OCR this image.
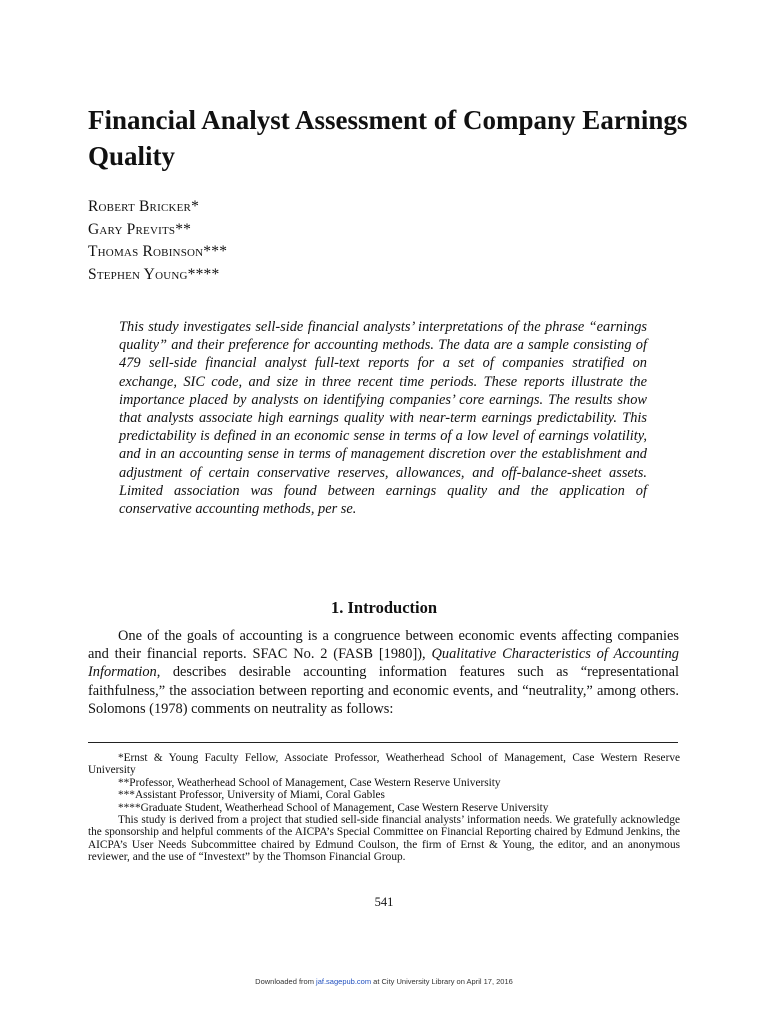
Financial Analyst Assessment of Company Earnings Quality
Robert Bricker*
Gary Previts**
Thomas Robinson***
Stephen Young****

This study investigates sell-side financial analysts’ interpretations of the phrase “earnings quality” and their preference for accounting methods. The data are a sample consisting of 479 sell-side financial analyst full-text reports for a set of companies stratified on exchange, SIC code, and size in three recent time periods. These reports illustrate the importance placed by analysts on identifying companies’ core earnings. The results show that analysts associate high earnings quality with near-term earnings predictability. This predictability is defined in an economic sense in terms of a low level of earnings volatility, and in an accounting sense in terms of management discretion over the establishment and adjustment of certain conservative reserves, allowances, and off-balance-sheet assets. Limited association was found between earnings quality and the application of conservative accounting methods, per se.

1. Introduction

One of the goals of accounting is a congruence between economic events affecting companies and their financial reports. SFAC No. 2 (FASB [1980]), Qualitative Characteristics of Accounting Information, describes desirable accounting information features such as “representational faithfulness,” the association between reporting and economic events, and “neutrality,” among others. Solomons (1978) comments on neutrality as follows:

*Ernst & Young Faculty Fellow, Associate Professor, Weatherhead School of Management, Case Western Reserve University

**Professor, Weatherhead School of Management, Case Western Reserve University

***Assistant Professor, University of Miami, Coral Gables

****Graduate Student, Weatherhead School of Management, Case Western Reserve University

This study is derived from a project that studied sell-side financial analysts’ information needs. We gratefully acknowledge the sponsorship and helpful comments of the AICPA’s Special Committee on Financial Reporting chaired by Edmund Jenkins, the AICPA’s User Needs Subcommittee chaired by Edmund Coulson, the firm of Ernst & Young, the editor, and an anonymous reviewer, and the use of “Investext” by the Thomson Financial Group.

541
Downloaded from jaf.sagepub.com at City University Library on April 17, 2016
